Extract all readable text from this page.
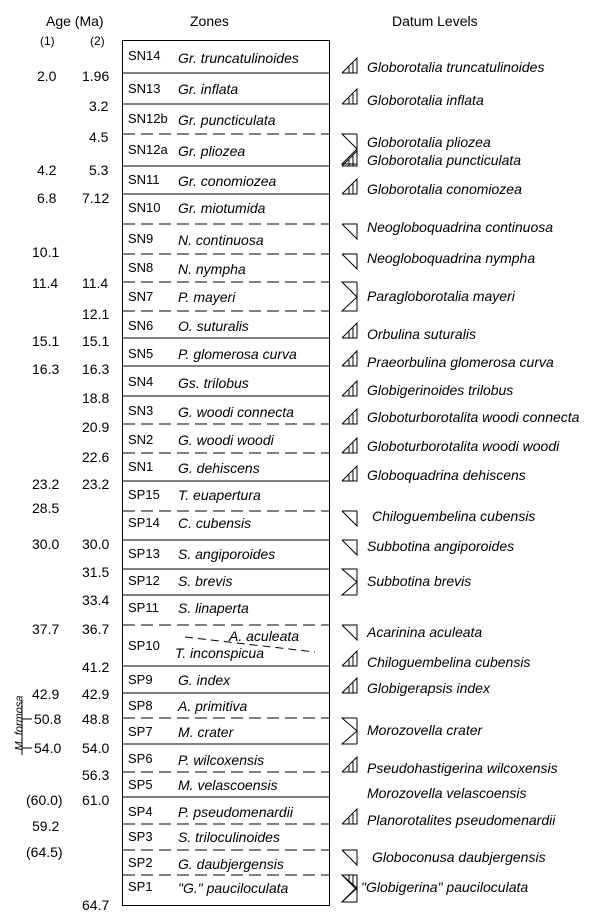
Age (Ma)
(1)	(2)
Zones	Datum Levels
M. formosa
2.0
4.2
6.8
10.1
11.4
15.1
16.3
23.2
28.5
30.0
37.7
42.9
50.8
54.0
(60.0)
59.2
(64.5)
1.96
3.2
4.5
5.3
7.12
11.4
12.1
15.1
16.3
18.8
20.9
22.6
23.2
30.0
31.5
33.4
36.7
41.2
42.9
48.8
54.0
56.3
61.0
64.7
SN14 Gr. truncatulinoides
SN13 Gr. inflata
SN12b Gr. puncticulata
SN12a Gr. pliozea
SN11 Gr. conomiozea
SN10 Gr. miotumida
SN9 N. continuosa
SN8 N. nympha
SN7 P. mayeri
SN6 O. suturalis
SN5 P. glomerosa curva
SN4 Gs. trilobus
SN3 G. woodi connecta
SN2 G. woodi woodi
SN1 G. dehiscens
SP15 T. euapertura
SP14 C. cubensis
SP13 S. angiporoides
SP12 S. brevis
SP11 S. linaperta
SP10
A. aculeata
T. inconspicua
SP9 G. index
SP8 A. primitiva
SP7 M. crater
SP6 P. wilcoxensis
SP5 M. velascoensis
SP4 P. pseudomenardii
SP3 S. triloculinoides
SP2 G. daubjergensis
SP1 "G." pauciloculata
Globorotalia truncatulinoides
Globorotalia inflata
Globorotalia pliozea
Globorotalia puncticulata
Globorotalia conomiozea
Neogloboquadrina continuosa
Neogloboquadrina nympha
Paragloborotalia mayeri
Orbulina suturalis
Praeorbulina glomerosa curva
Globigerinoides trilobus
Globoturborotalita woodi connecta
Globoturborotalita woodi woodi
Globoquadrina dehiscens
Chiloguembelina cubensis
Subbotina angiporoides
Subbotina brevis
Acarinina aculeata
Chiloguembelina cubensis
Globigerapsis index
Morozovella crater
Pseudohastigerina wilcoxensis
Morozovella velascoensis
Planorotalites pseudomenardii
Globoconusa daubjergensis
"Globigerina" pauciloculata
